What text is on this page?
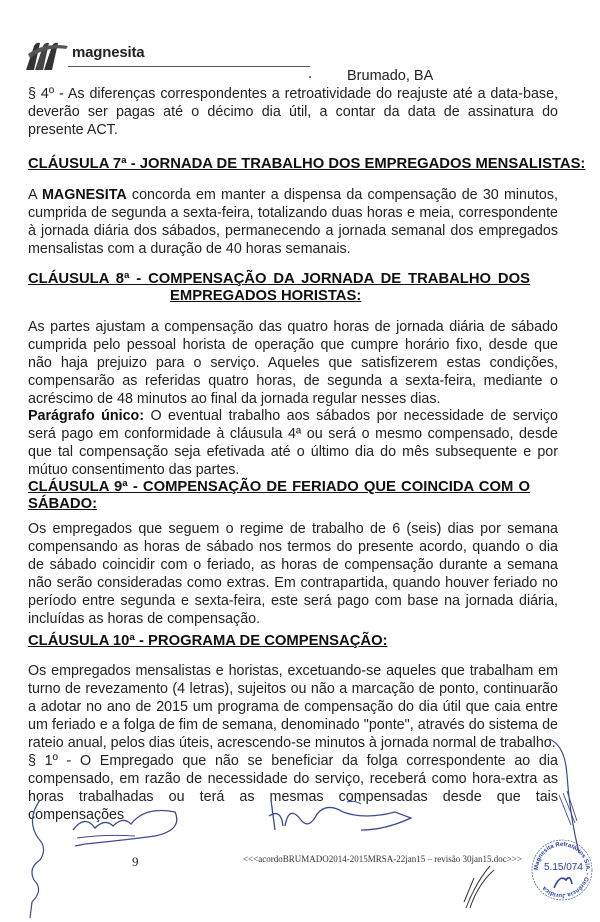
magnesita
Brumado, BA
§ 4º - As diferenças correspondentes a retroatividade do reajuste até a data-base, deverão ser pagas até o décimo dia útil, a contar da data de assinatura do presente ACT.
CLÁUSULA 7ª - JORNADA DE TRABALHO DOS EMPREGADOS MENSALISTAS:
A MAGNESITA concorda em manter a dispensa da compensação de 30 minutos, cumprida de segunda a sexta-feira, totalizando duas horas e meia, correspondente à jornada diária dos sábados, permanecendo a jornada semanal dos empregados mensalistas com a duração de 40 horas semanais.
CLÁUSULA 8ª - COMPENSAÇÃO DA JORNADA DE TRABALHO DOS
EMPREGADOS HORISTAS:
As partes ajustam a compensação das quatro horas de jornada diária de sábado cumprida pelo pessoal horista de operação que cumpre horário fixo, desde que não haja prejuizo para o serviço. Aqueles que satisfizerem estas condições, compensarão as referidas quatro horas, de segunda a sexta-feira, mediante o acréscimo de 48 minutos ao final da jornada regular nesses dias.
Parágrafo único: O eventual trabalho aos sábados por necessidade de serviço será pago em conformidade à cláusula 4ª ou será o mesmo compensado, desde que tal compensação seja efetivada até o último dia do mês subsequente e por mútuo consentimento das partes.
CLÁUSULA 9ª - COMPENSAÇÃO DE FERIADO QUE COINCIDA COM O
SÁBADO:
Os empregados que seguem o regime de trabalho de 6 (seis) dias por semana compensando as horas de sábado nos termos do presente acordo, quando o dia de sábado coincidir com o feriado, as horas de compensação durante a semana não serão consideradas como extras. Em contrapartida, quando houver feriado no período entre segunda e sexta-feira, este será pago com base na jornada diária, incluídas as horas de compensação.
CLÁUSULA 10ª - PROGRAMA DE COMPENSAÇÃO:
Os empregados mensalistas e horistas, excetuando-se aqueles que trabalham em turno de revezamento (4 letras), sujeitos ou não a marcação de ponto, continuarão a adotar no ano de 2015 um programa de compensação do dia útil que caia entre um feriado e a folga de fim de semana, denominado "ponte", através do sistema de rateio anual, pelos dias úteis, acrescendo-se minutos à jornada normal de trabalho.
§ 1º - O Empregado que não se beneficiar da folga correspondente ao dia compensado, em razão de necessidade do serviço, receberá como hora-extra as horas trabalhadas ou terá as mesmas compensadas desde que tais compensações
9	<<<acordoBRUMADO2014-2015MRSA-22jan15 – revisão 30jan15.doc>>>
Magnesita Refratários S/A. - Gerência Jurídica
5.15/074
